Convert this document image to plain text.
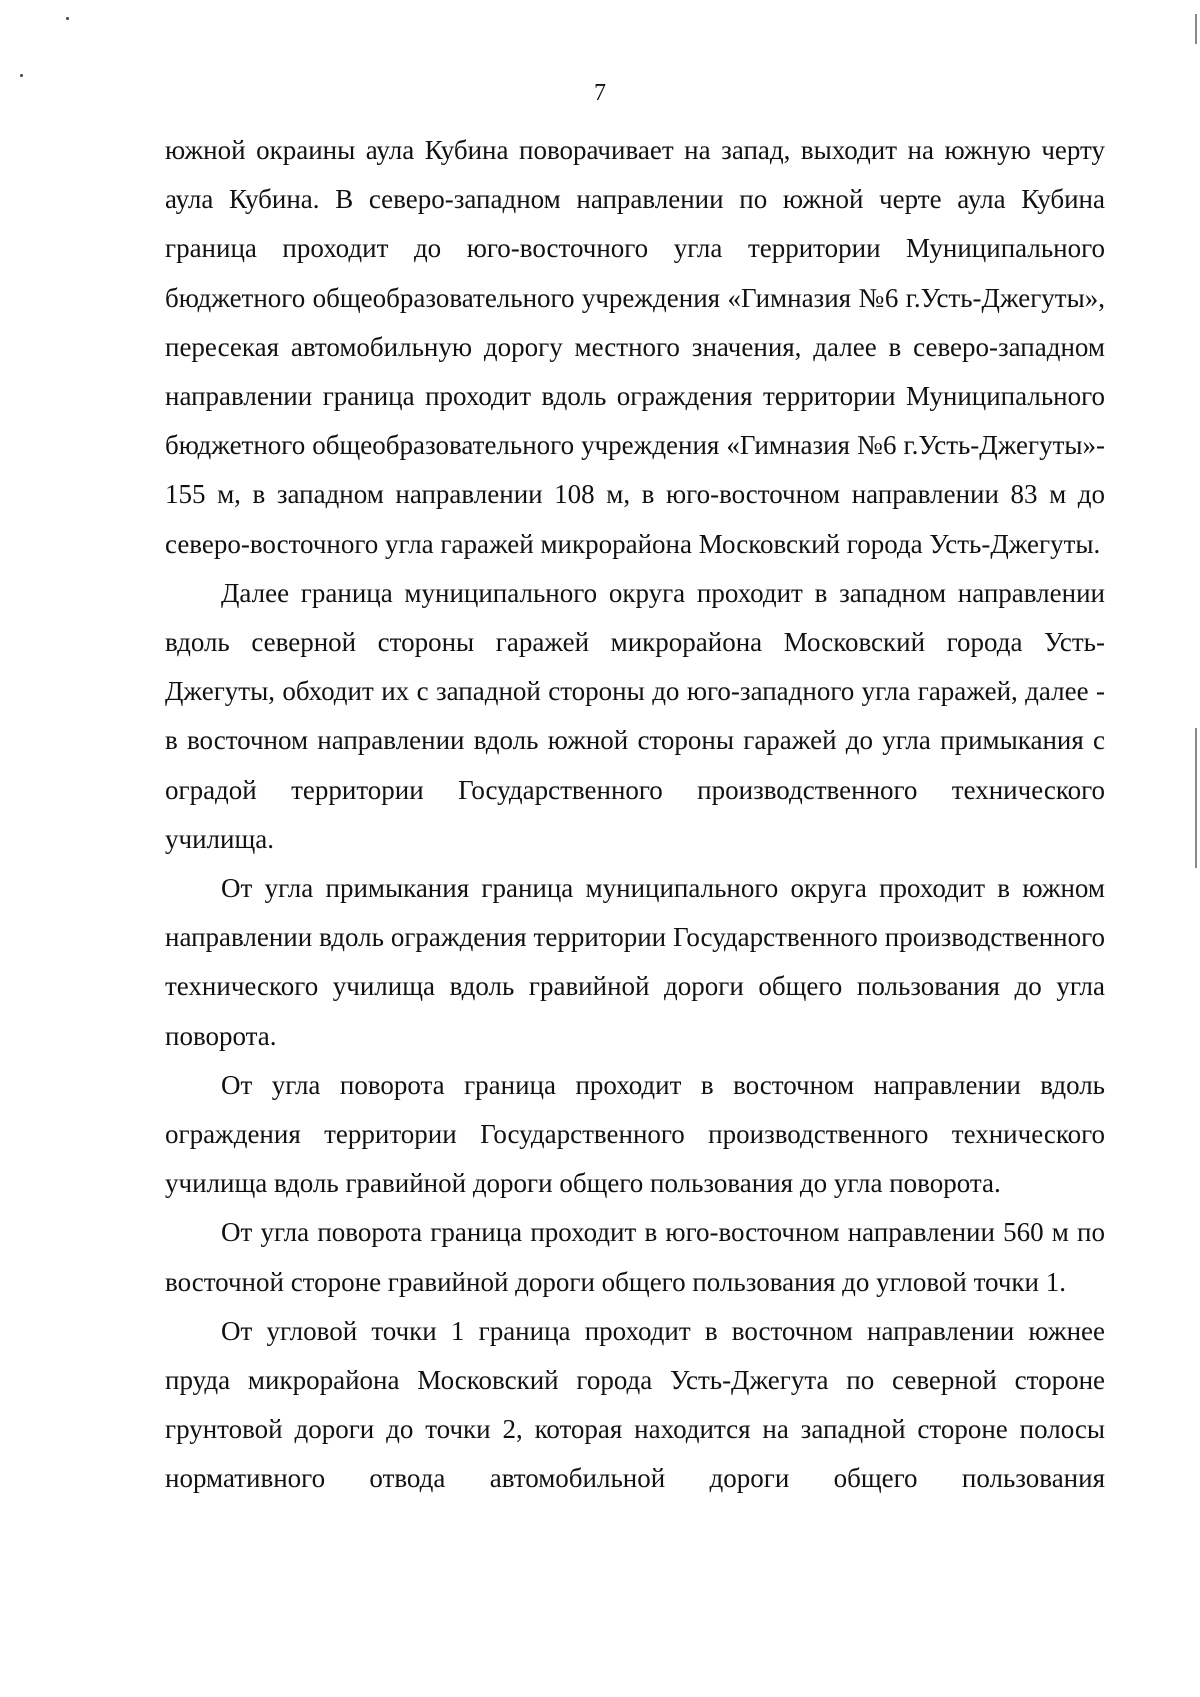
7

южной окраины аула Кубина поворачивает на запад, выходит на южную черту аула Кубина. В северо-западном направлении по южной черте аула Кубина граница проходит до юго-восточного угла территории Муниципального бюджетного общеобразовательного учреждения «Гимназия №6 г.Усть-Джегуты», пересекая автомобильную дорогу местного значения, далее в северо-западном направлении граница проходит вдоль ограждения территории Муниципального бюджетного общеобразовательного учреждения «Гимназия №6 г.Усть-Джегуты»- 155 м, в западном направлении 108 м, в юго-восточном направлении 83 м до северо-восточного угла гаражей микрорайона Московский города Усть-Джегуты.

Далее граница муниципального округа проходит в западном направлении вдоль северной стороны гаражей микрорайона Московский города Усть-Джегуты, обходит их с западной стороны до юго-западного угла гаражей, далее - в восточном направлении вдоль южной стороны гаражей до угла примыкания с оградой территории Государственного производственного технического училища.

От угла примыкания граница муниципального округа проходит в южном направлении вдоль ограждения территории Государственного производственного технического училища вдоль гравийной дороги общего пользования до угла поворота.

От угла поворота граница проходит в восточном направлении вдоль ограждения территории Государственного производственного технического училища вдоль гравийной дороги общего пользования до угла поворота.

От угла поворота граница проходит в юго-восточном направлении 560 м по восточной стороне гравийной дороги общего пользования до угловой точки 1.

От угловой точки 1 граница проходит в восточном направлении южнее пруда микрорайона Московский города Усть-Джегута по северной стороне грунтовой дороги до точки 2, которая находится на западной стороне полосы нормативного отвода автомобильной дороги общего пользования
